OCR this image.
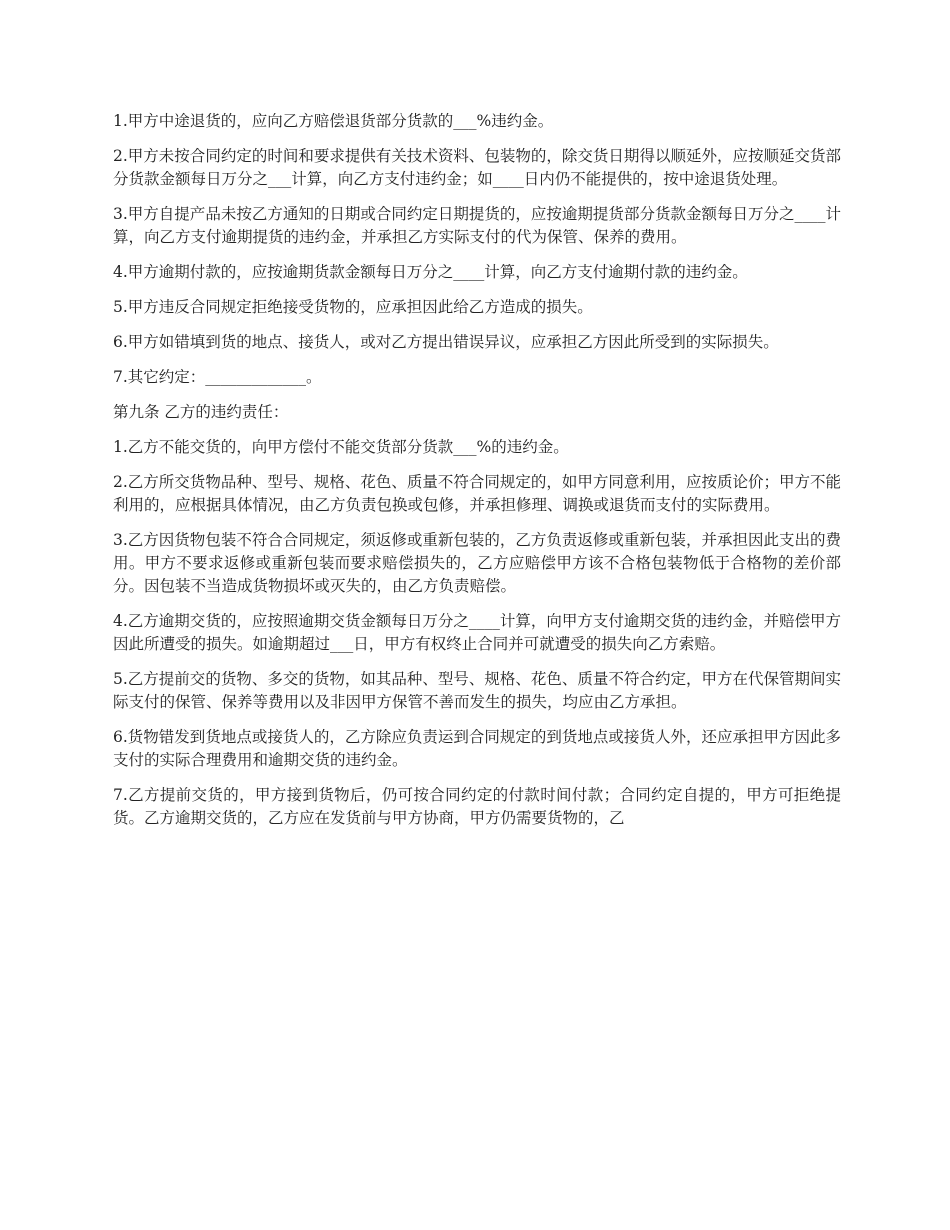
1.甲方中途退货的，应向乙方赔偿退货部分货款的___%违约金。

2.甲方未按合同约定的时间和要求提供有关技术资料、包装物的，除交货日期得以顺延外，应按顺延交货部分货款金额每日万分之___计算，向乙方支付违约金；如____日内仍不能提供的，按中途退货处理。

3.甲方自提产品未按乙方通知的日期或合同约定日期提货的，应按逾期提货部分货款金额每日万分之____计算，向乙方支付逾期提货的违约金，并承担乙方实际支付的代为保管、保养的费用。

4.甲方逾期付款的，应按逾期货款金额每日万分之____计算，向乙方支付逾期付款的违约金。

5.甲方违反合同规定拒绝接受货物的，应承担因此给乙方造成的损失。

6.甲方如错填到货的地点、接货人，或对乙方提出错误异议，应承担乙方因此所受到的实际损失。

7.其它约定：_____________。

第九条 乙方的违约责任：

1.乙方不能交货的，向甲方偿付不能交货部分货款___%的违约金。

2.乙方所交货物品种、型号、规格、花色、质量不符合同规定的，如甲方同意利用，应按质论价；甲方不能利用的，应根据具体情况，由乙方负责包换或包修，并承担修理、调换或退货而支付的实际费用。

3.乙方因货物包装不符合合同规定，须返修或重新包装的，乙方负责返修或重新包装，并承担因此支出的费用。甲方不要求返修或重新包装而要求赔偿损失的，乙方应赔偿甲方该不合格包装物低于合格物的差价部分。因包装不当造成货物损坏或灭失的，由乙方负责赔偿。

4.乙方逾期交货的，应按照逾期交货金额每日万分之____计算，向甲方支付逾期交货的违约金，并赔偿甲方因此所遭受的损失。如逾期超过___日，甲方有权终止合同并可就遭受的损失向乙方索赔。

5.乙方提前交的货物、多交的货物，如其品种、型号、规格、花色、质量不符合约定，甲方在代保管期间实际支付的保管、保养等费用以及非因甲方保管不善而发生的损失，均应由乙方承担。

6.货物错发到货地点或接货人的，乙方除应负责运到合同规定的到货地点或接货人外，还应承担甲方因此多支付的实际合理费用和逾期交货的违约金。

7.乙方提前交货的，甲方接到货物后，仍可按合同约定的付款时间付款；合同约定自提的，甲方可拒绝提货。乙方逾期交货的，乙方应在发货前与甲方协商，甲方仍需要货物的，乙
